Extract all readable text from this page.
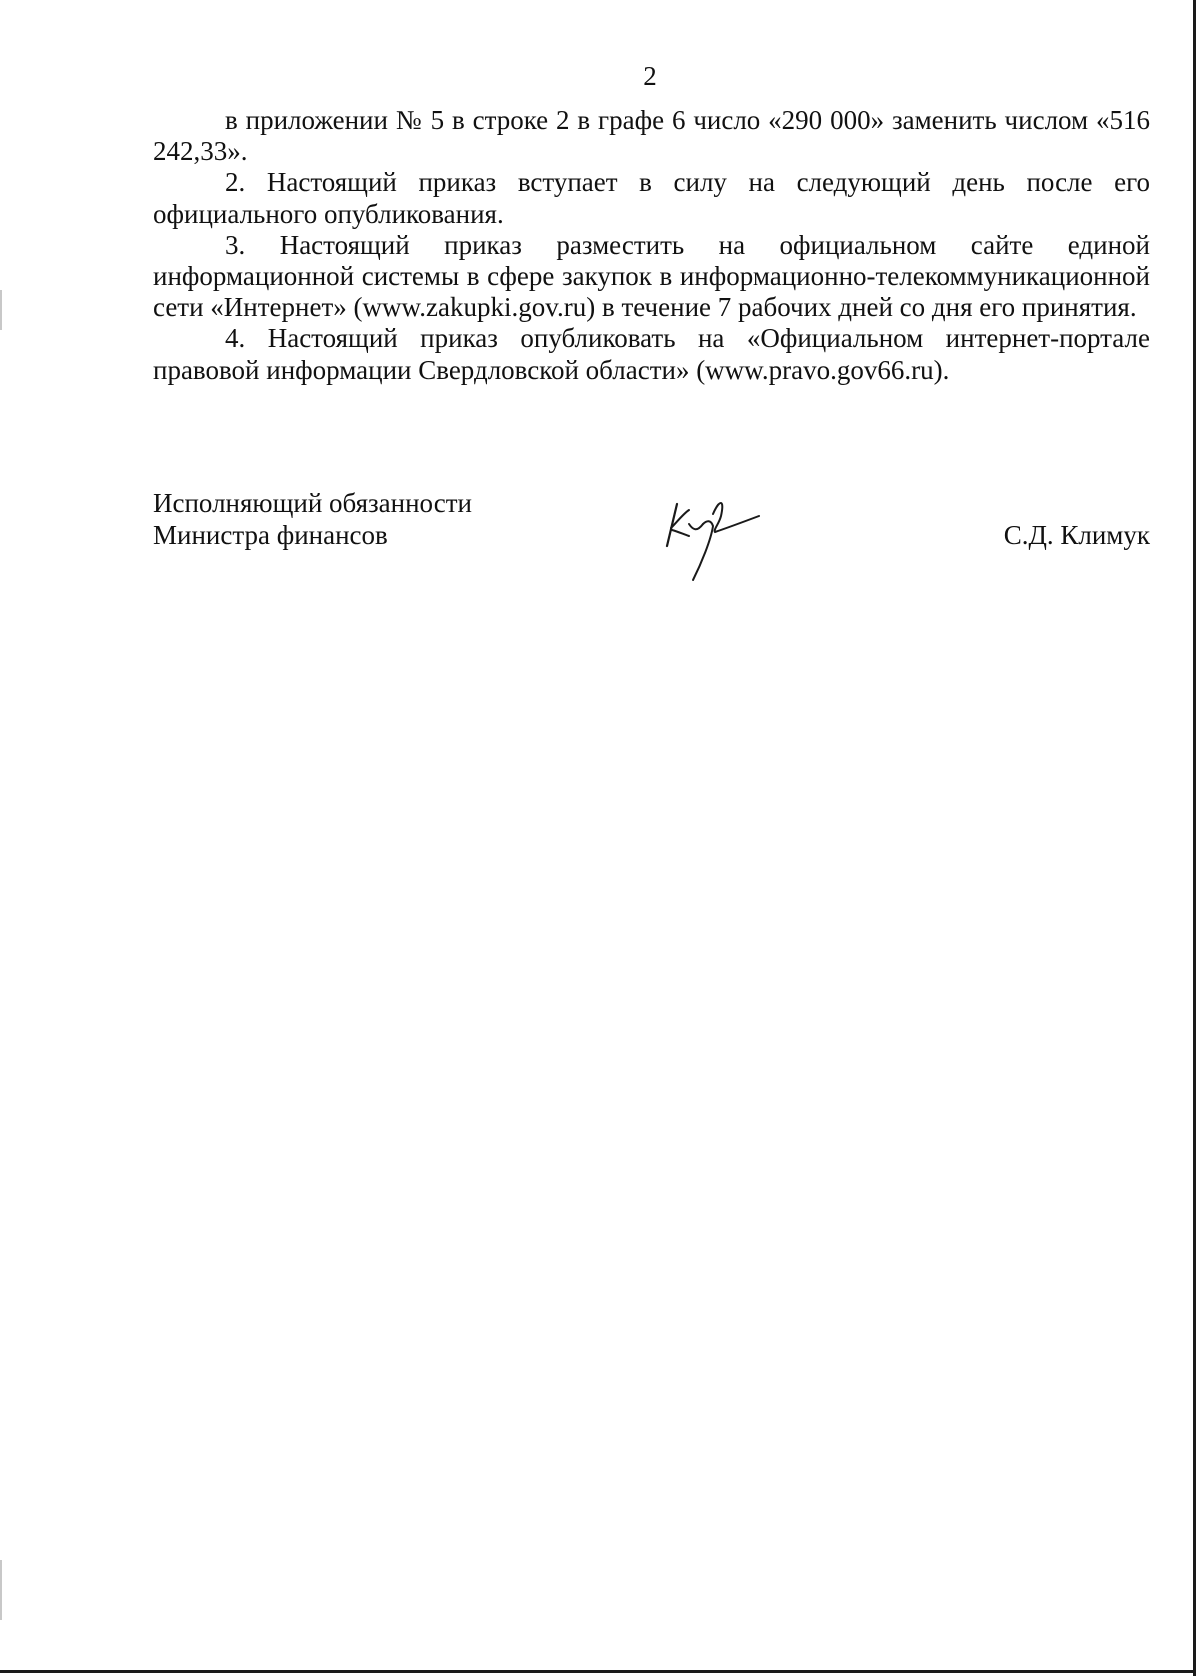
2

в приложении № 5 в строке 2 в графе 6 число «290 000» заменить числом «516 242,33».

2. Настоящий приказ вступает в силу на следующий день после его официального опубликования.

3. Настоящий приказ разместить на официальном сайте единой информационной системы в сфере закупок в информационно-телекоммуникационной сети «Интернет» (www.zakupki.gov.ru) в течение 7 рабочих дней со дня его принятия.

4. Настоящий приказ опубликовать на «Официальном интернет-портале правовой информации Свердловской области» (www.pravo.gov66.ru).

Исполняющий обязанности
Министра финансов	С.Д. Климук
